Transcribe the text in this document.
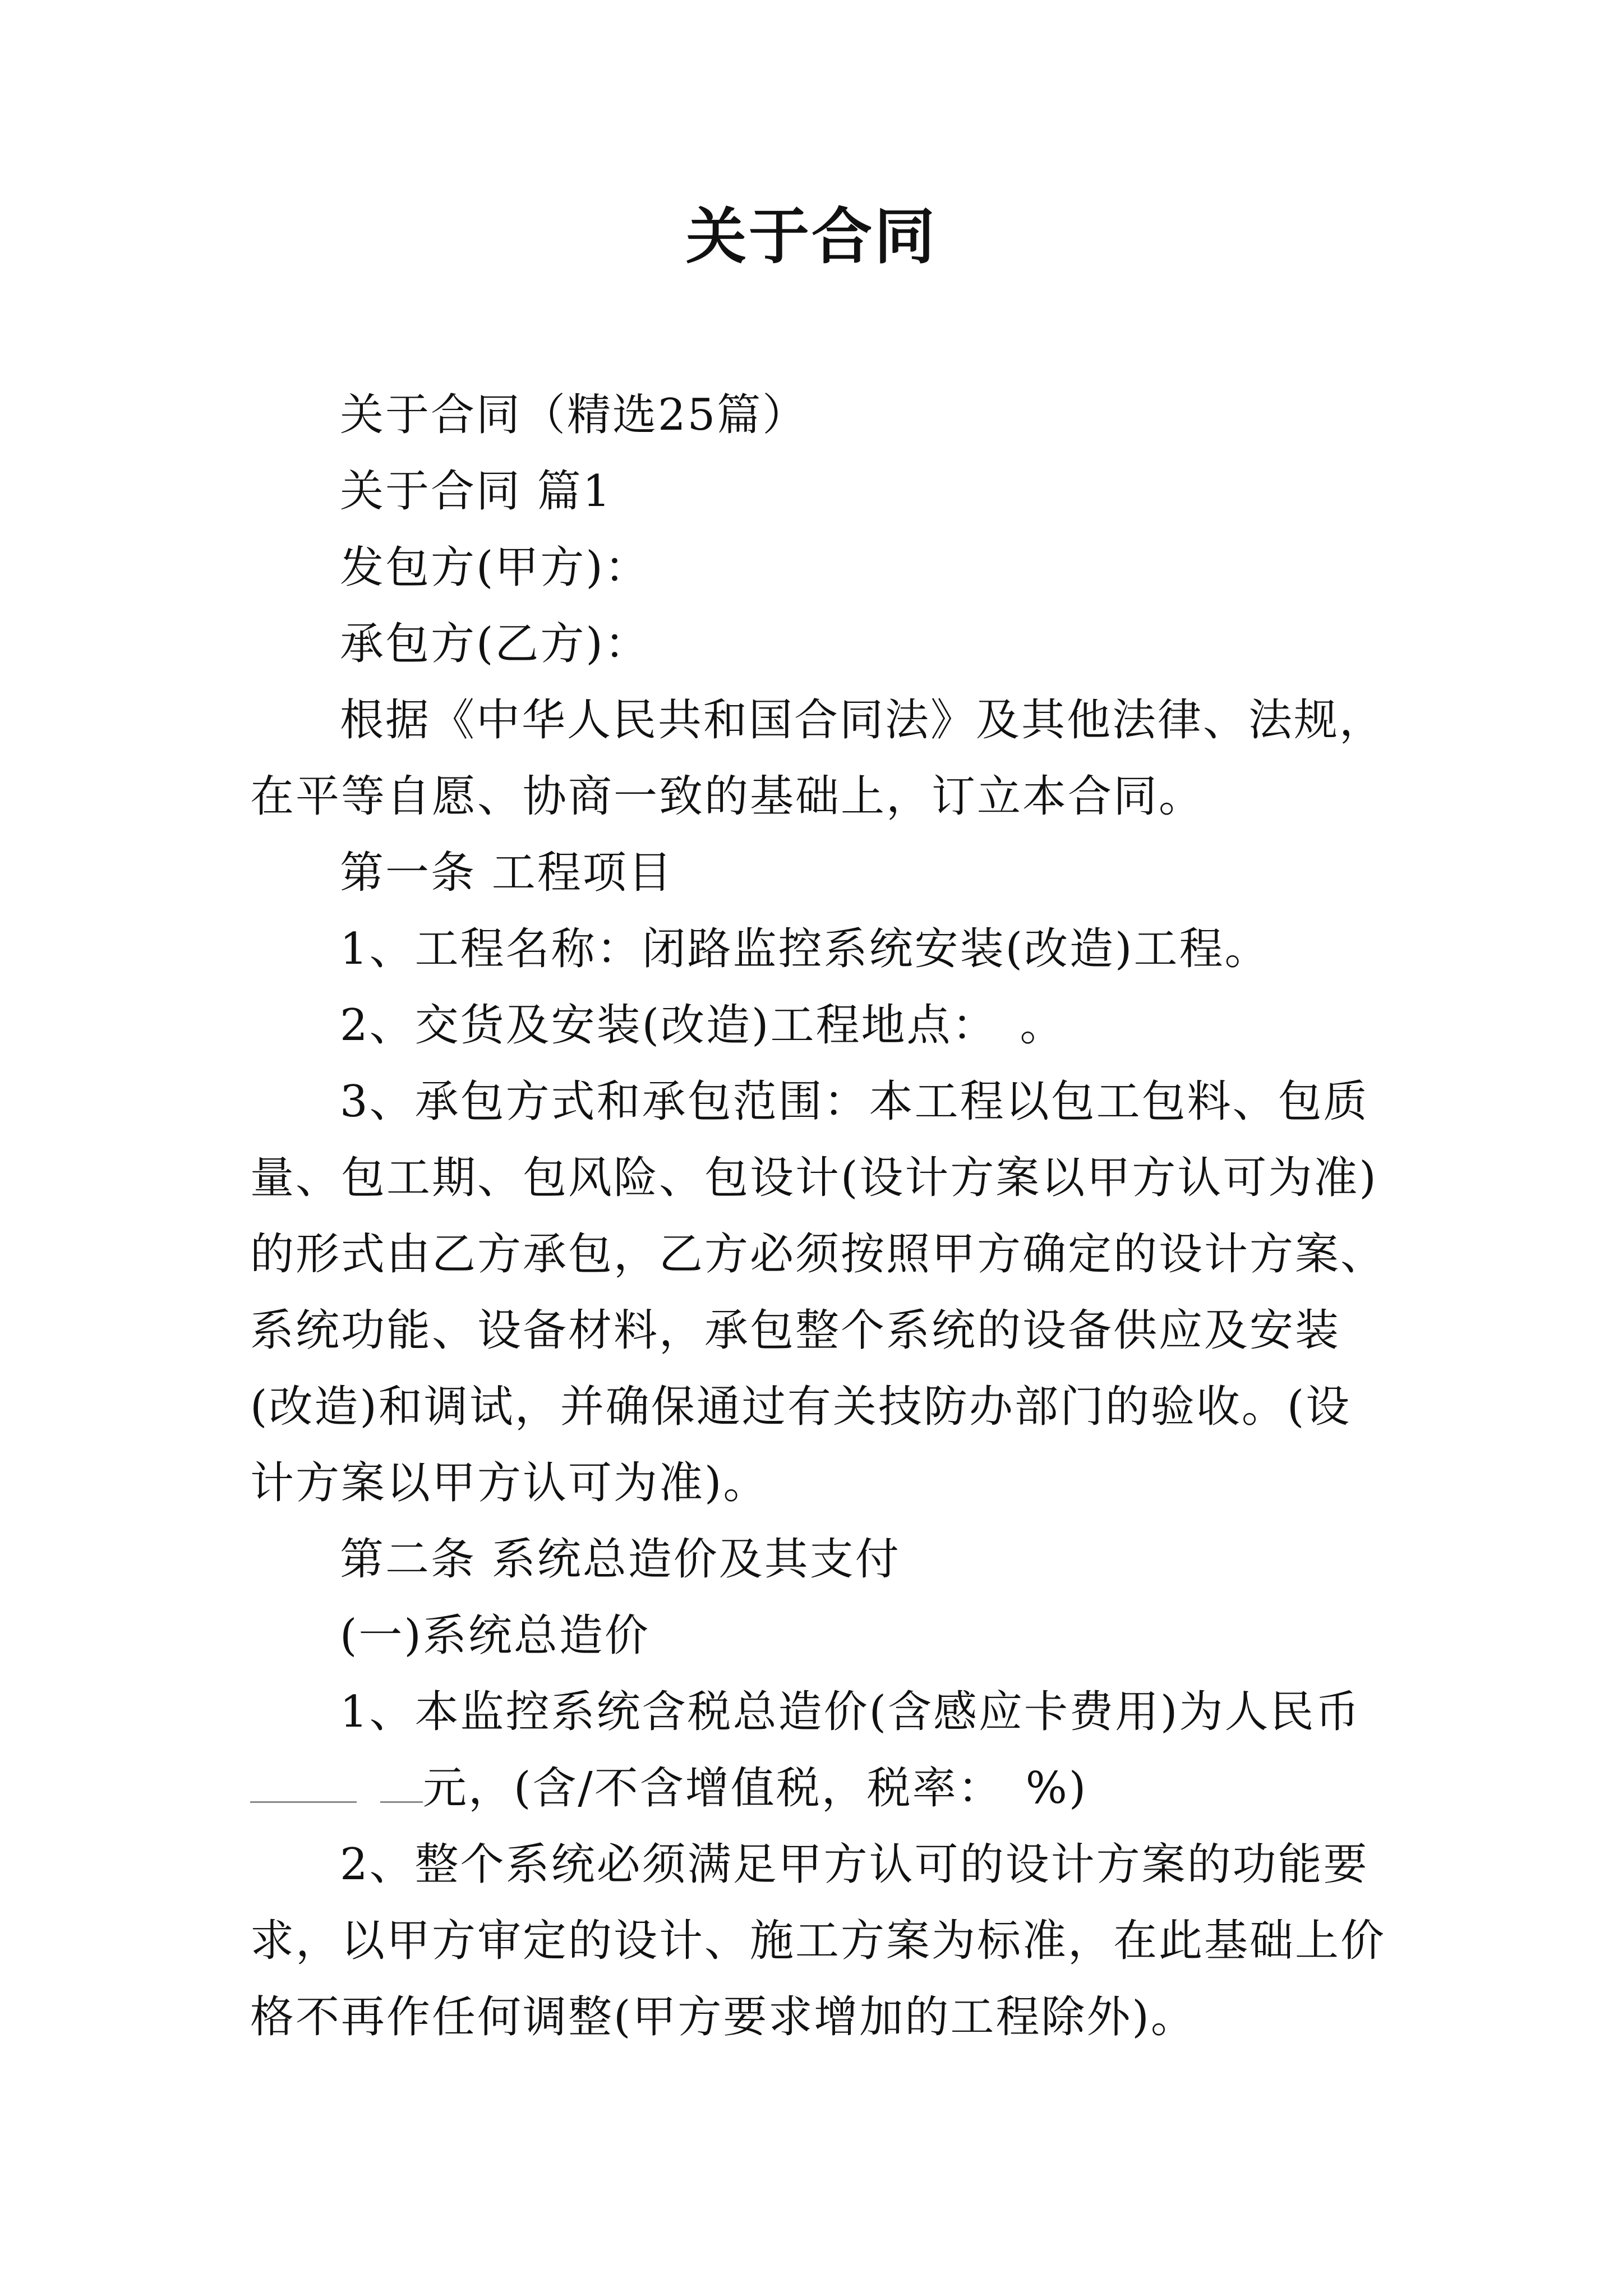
关于合同

关于合同（精选25篇）

关于合同 篇1

发包方(甲方)：

承包方(乙方)：

根据《中华人民共和国合同法》及其他法律、法规，在平等自愿、协商一致的基础上，订立本合同。

第一条 工程项目

1、工程名称：闭路监控系统安装(改造)工程。

2、交货及安装(改造)工程地点： 。

3、承包方式和承包范围：本工程以包工包料、包质量、包工期、包风险、包设计(设计方案以甲方认可为准)的形式由乙方承包，乙方必须按照甲方确定的设计方案、系统功能、设备材料，承包整个系统的设备供应及安装(改造)和调试，并确保通过有关技防办部门的验收。(设计方案以甲方认可为准)。

第二条 系统总造价及其支付

(一)系统总造价

1、本监控系统含税总造价(含感应卡费用)为人民币

元，(含/不含增值税，税率： %)

2、整个系统必须满足甲方认可的设计方案的功能要求，以甲方审定的设计、施工方案为标准，在此基础上价格不再作任何调整(甲方要求增加的工程除外)。
